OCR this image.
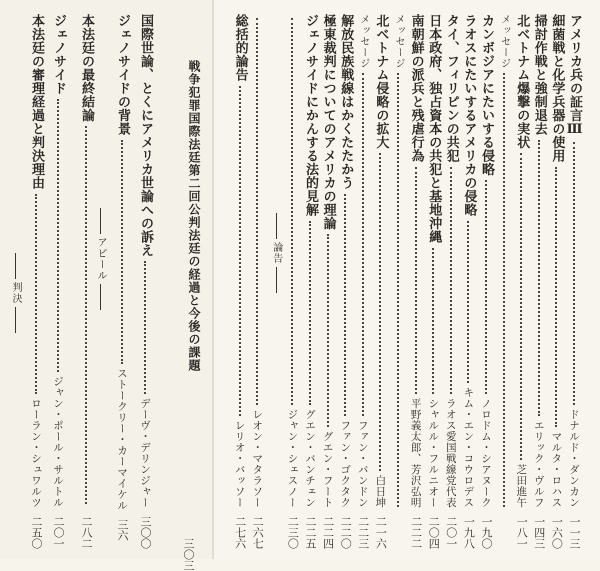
戦争犯罪国際法廷第二回公判法廷の経過と今後の課題
三〇三
国際世論、とくにアメリカ世論への訴え
デーヴ・デリンジャー
三〇〇
ジェノサイドの背景
ストークリー・カーマイケル
三六
アピール
本法廷の最終結論
二八二
ジェノサイド
ジャン・ポール・サルトル
二〇一
本法廷の審理経過と判決理由
ローラン・シュワルツ
二五〇
判決
アメリカ兵の証言Ⅲ
ドナルド・ダンカン
一一三
細菌戦と化学兵器の使用
マルタ・ロハス
一六〇
掃討作戦と強制退去
エリック・ヴルフ
一四三
北ベトナム爆撃の実状
芝田進午
一八一
メッセージ
カンボジアにたいする侵略
ノロドム・シアヌーク
一九〇
ラオスにたいするアメリカの侵略
キム・エン・コウロデス
一九八
タイ、フィリピンの共犯
ラオス愛国戦線党代表
二〇一
日本政府、独占資本の共犯と基地沖縄
シャルル・フルニオー
二〇四
南朝鮮の派兵と残虐行為
平野義太郎、芳沢弘明
二二二
メッセージ
北ベトナム侵略の拡大
白日坤
二一六
メッセージ
ファン・バンドン
二二三
解放民族戦線はかくたたかう
ファン・ゴクタク
二二〇
極東裁判についてのアメリカの理論
グエン・フート
二二四
ジェノサイドにかんする法的見解
グエン・バンチェン
二二五
ジャン・シェスノー
二三〇
論告
レオン・マタラソー
二六七
総括的論告
レリオ・バッソー
二七六
